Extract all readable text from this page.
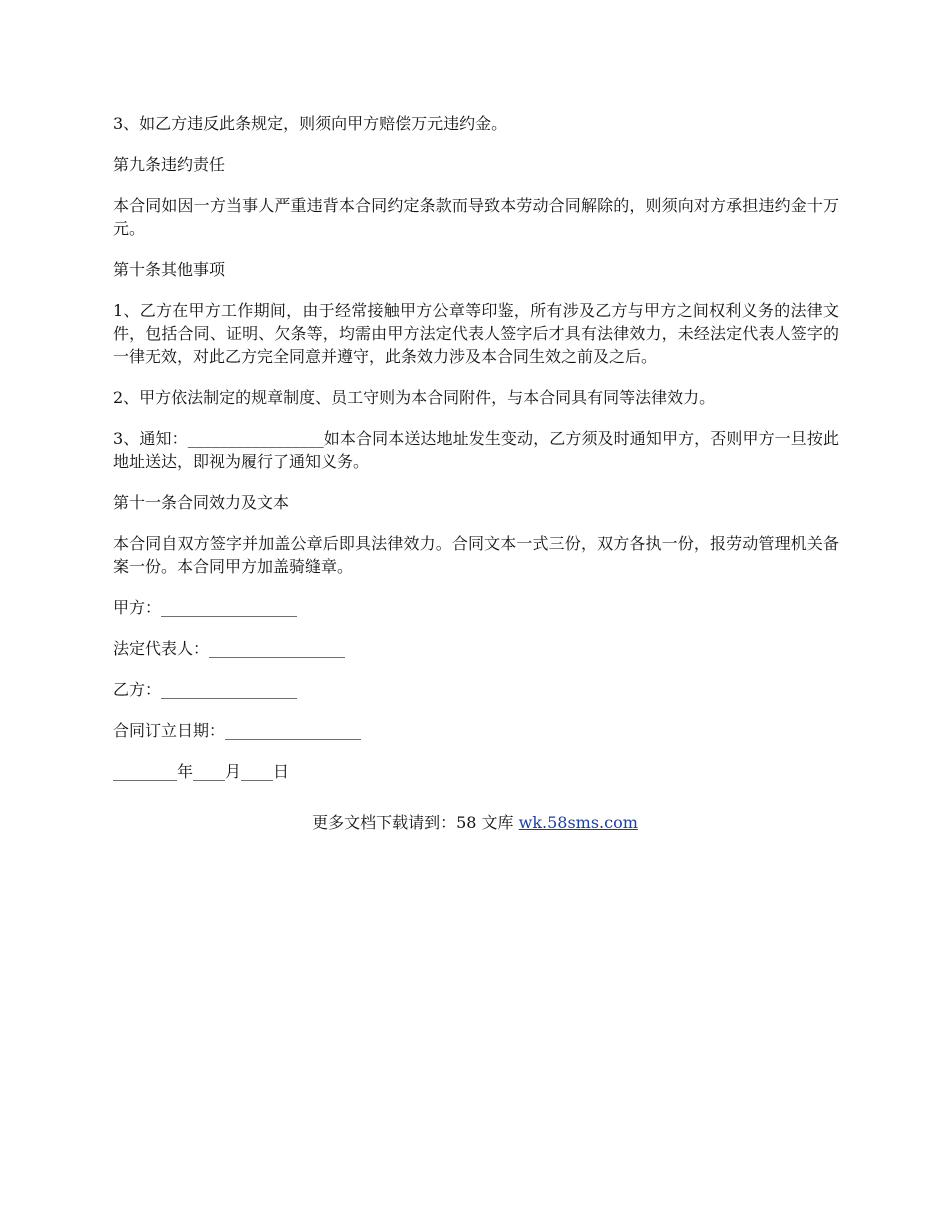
3、如乙方违反此条规定，则须向甲方赔偿万元违约金。

第九条违约责任

本合同如因一方当事人严重违背本合同约定条款而导致本劳动合同解除的，则须向对方承担违约金十万元。

第十条其他事项

1、乙方在甲方工作期间，由于经常接触甲方公章等印鉴，所有涉及乙方与甲方之间权利义务的法律文件，包括合同、证明、欠条等，均需由甲方法定代表人签字后才具有法律效力，未经法定代表人签字的一律无效，对此乙方完全同意并遵守，此条效力涉及本合同生效之前及之后。

2、甲方依法制定的规章制度、员工守则为本合同附件，与本合同具有同等法律效力。

3、通知：_________________如本合同本送达地址发生变动，乙方须及时通知甲方，否则甲方一旦按此地址送达，即视为履行了通知义务。

第十一条合同效力及文本

本合同自双方签字并加盖公章后即具法律效力。合同文本一式三份，双方各执一份，报劳动管理机关备案一份。本合同甲方加盖骑缝章。

甲方：_________________

法定代表人：_________________

乙方：_________________

合同订立日期：_________________

________年____月____日

更多文档下载请到：58 文库 wk.58sms.com
